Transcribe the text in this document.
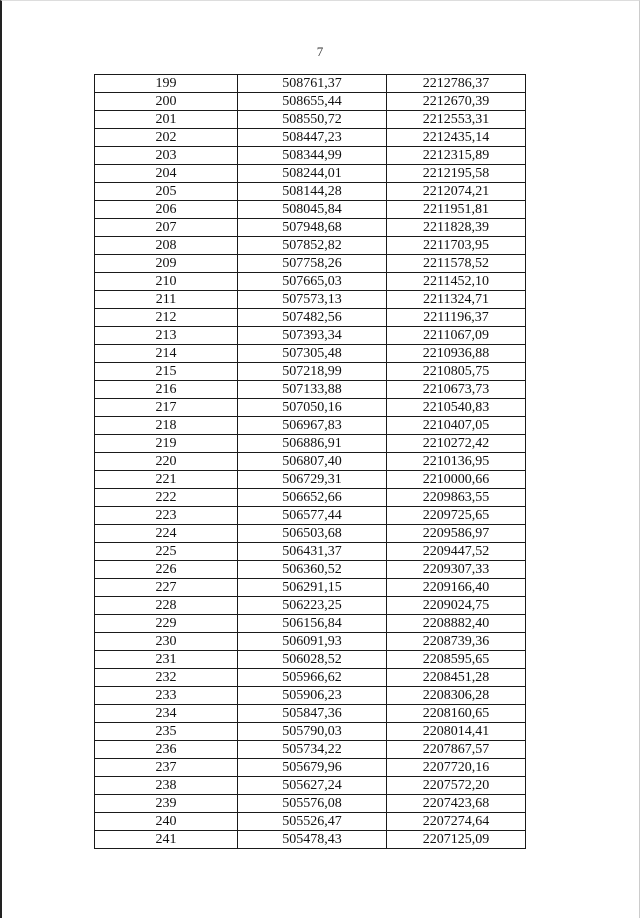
7
199	508761,37	2212786,37
200	508655,44	2212670,39
201	508550,72	2212553,31
202	508447,23	2212435,14
203	508344,99	2212315,89
204	508244,01	2212195,58
205	508144,28	2212074,21
206	508045,84	2211951,81
207	507948,68	2211828,39
208	507852,82	2211703,95
209	507758,26	2211578,52
210	507665,03	2211452,10
211	507573,13	2211324,71
212	507482,56	2211196,37
213	507393,34	2211067,09
214	507305,48	2210936,88
215	507218,99	2210805,75
216	507133,88	2210673,73
217	507050,16	2210540,83
218	506967,83	2210407,05
219	506886,91	2210272,42
220	506807,40	2210136,95
221	506729,31	2210000,66
222	506652,66	2209863,55
223	506577,44	2209725,65
224	506503,68	2209586,97
225	506431,37	2209447,52
226	506360,52	2209307,33
227	506291,15	2209166,40
228	506223,25	2209024,75
229	506156,84	2208882,40
230	506091,93	2208739,36
231	506028,52	2208595,65
232	505966,62	2208451,28
233	505906,23	2208306,28
234	505847,36	2208160,65
235	505790,03	2208014,41
236	505734,22	2207867,57
237	505679,96	2207720,16
238	505627,24	2207572,20
239	505576,08	2207423,68
240	505526,47	2207274,64
241	505478,43	2207125,09
